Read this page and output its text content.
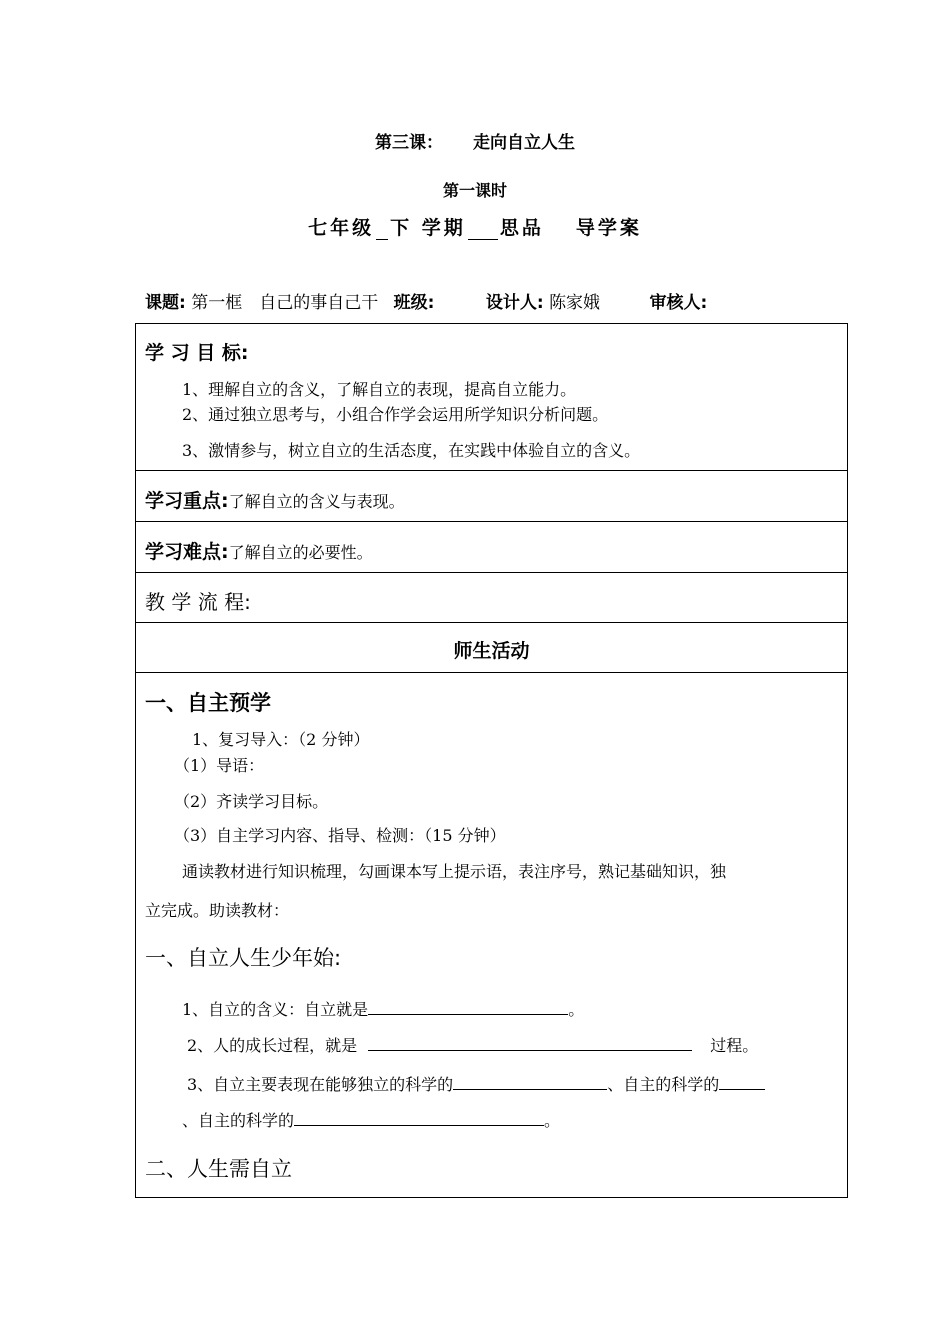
第三课： 走向自立人生
第一课时
七年级 下 学期 思品 导学案
课题: 第一框　自己的事自己干 班级:	设计人: 陈家娥	审核人:
学 习 目 标:
1、理解自立的含义，了解自立的表现，提高自立能力。
2、通过独立思考与，小组合作学会运用所学知识分析问题。
3、激情参与，树立自立的生活态度，在实践中体验自立的含义。
学习重点:了解自立的含义与表现。
学习难点:了解自立的必要性。
教 学 流 程:
师生活动
一、自主预学
1、复习导入：（2 分钟）
（1）导语：
（2）齐读学习目标。
（3）自主学习内容、指导、检测：（15 分钟）
通读教材进行知识梳理，勾画课本写上提示语，表注序号，熟记基础知识，独
立完成。助读教材：
一、自立人生少年始:
1、自立的含义：自立就是	。
2、人的成长过程，就是	过程。
3、自立主要表现在能够独立的科学的	、自主的科学的
、自主的科学的	。
二、人生需自立
